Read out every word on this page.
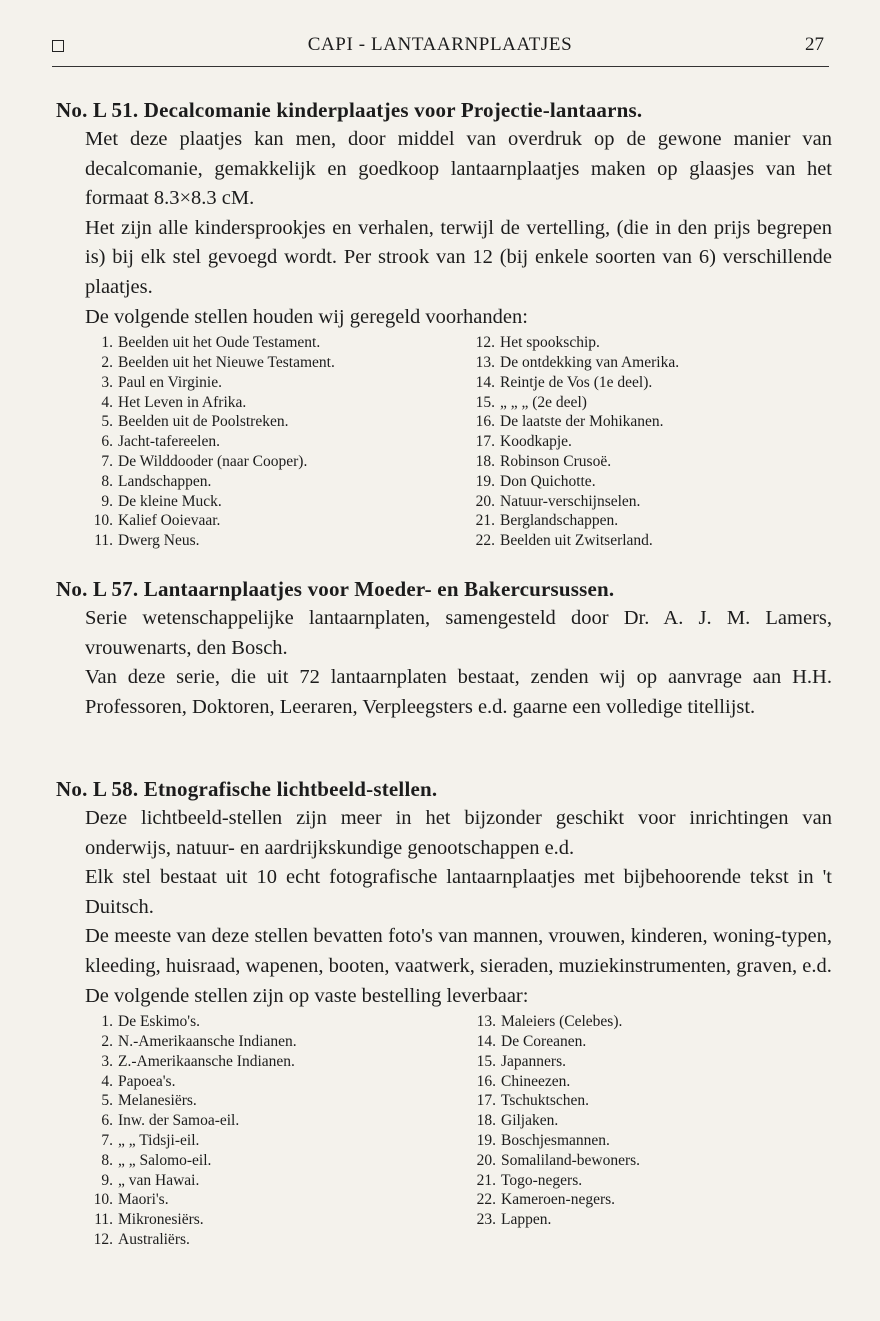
CAPI - LANTAARNPLAATJES	27

No. L 51. Decalcomanie kinderplaatjes voor Projectie-lantaarns.

Met deze plaatjes kan men, door middel van overdruk op de gewone manier van decalcomanie, gemakkelijk en goedkoop lantaarnplaatjes maken op glaasjes van het formaat 8.3×8.3 cM.

Het zijn alle kindersprookjes en verhalen, terwijl de vertelling, (die in den prijs begrepen is) bij elk stel gevoegd wordt. Per strook van 12 (bij enkele soorten van 6) verschillende plaatjes.

De volgende stellen houden wij geregeld voorhanden:

1. Beelden uit het Oude Testament.
2. Beelden uit het Nieuwe Testament.
3. Paul en Virginie.
4. Het Leven in Afrika.
5. Beelden uit de Poolstreken.
6. Jacht-tafereelen.
7. De Wilddooder (naar Cooper).
8. Landschappen.
9. De kleine Muck.
10. Kalief Ooievaar.
11. Dwerg Neus.
12. Het spookschip.
13. De ontdekking van Amerika.
14. Reintje de Vos (1e deel).
15. „ „ „ (2e deel)
16. De laatste der Mohikanen.
17. Koodkapje.
18. Robinson Crusoë.
19. Don Quichotte.
20. Natuur-verschijnselen.
21. Berglandschappen.
22. Beelden uit Zwitserland.

No. L 57. Lantaarnplaatjes voor Moeder- en Bakercursussen.

Serie wetenschappelijke lantaarnplaten, samengesteld door Dr. A. J. M. Lamers, vrouwenarts, den Bosch.

Van deze serie, die uit 72 lantaarnplaten bestaat, zenden wij op aanvrage aan H.H. Professoren, Doktoren, Leeraren, Verpleegsters e.d. gaarne een volledige titellijst.

No. L 58. Etnografische lichtbeeld-stellen.

Deze lichtbeeld-stellen zijn meer in het bijzonder geschikt voor inrichtingen van onderwijs, natuur- en aardrijkskundige genootschappen e.d.

Elk stel bestaat uit 10 echt fotografische lantaarnplaatjes met bijbehoorende tekst in 't Duitsch.

De meeste van deze stellen bevatten foto's van mannen, vrouwen, kinderen, woning-typen, kleeding, huisraad, wapenen, booten, vaatwerk, sieraden, muziekinstrumenten, graven, e.d.

De volgende stellen zijn op vaste bestelling leverbaar:

1. De Eskimo's.
2. N.-Amerikaansche Indianen.
3. Z.-Amerikaansche Indianen.
4. Papoea's.
5. Melanesiërs.
6. Inw. der Samoa-eil.
7. „ „ Tidsji-eil.
8. „ „ Salomo-eil.
9. „ van Hawai.
10. Maori's.
11. Mikronesiërs.
12. Australiërs.
13. Maleiers (Celebes).
14. De Coreanen.
15. Japanners.
16. Chineezen.
17. Tschuktschen.
18. Giljaken.
19. Boschjesmannen.
20. Somaliland-bewoners.
21. Togo-negers.
22. Kameroen-negers.
23. Lappen.
